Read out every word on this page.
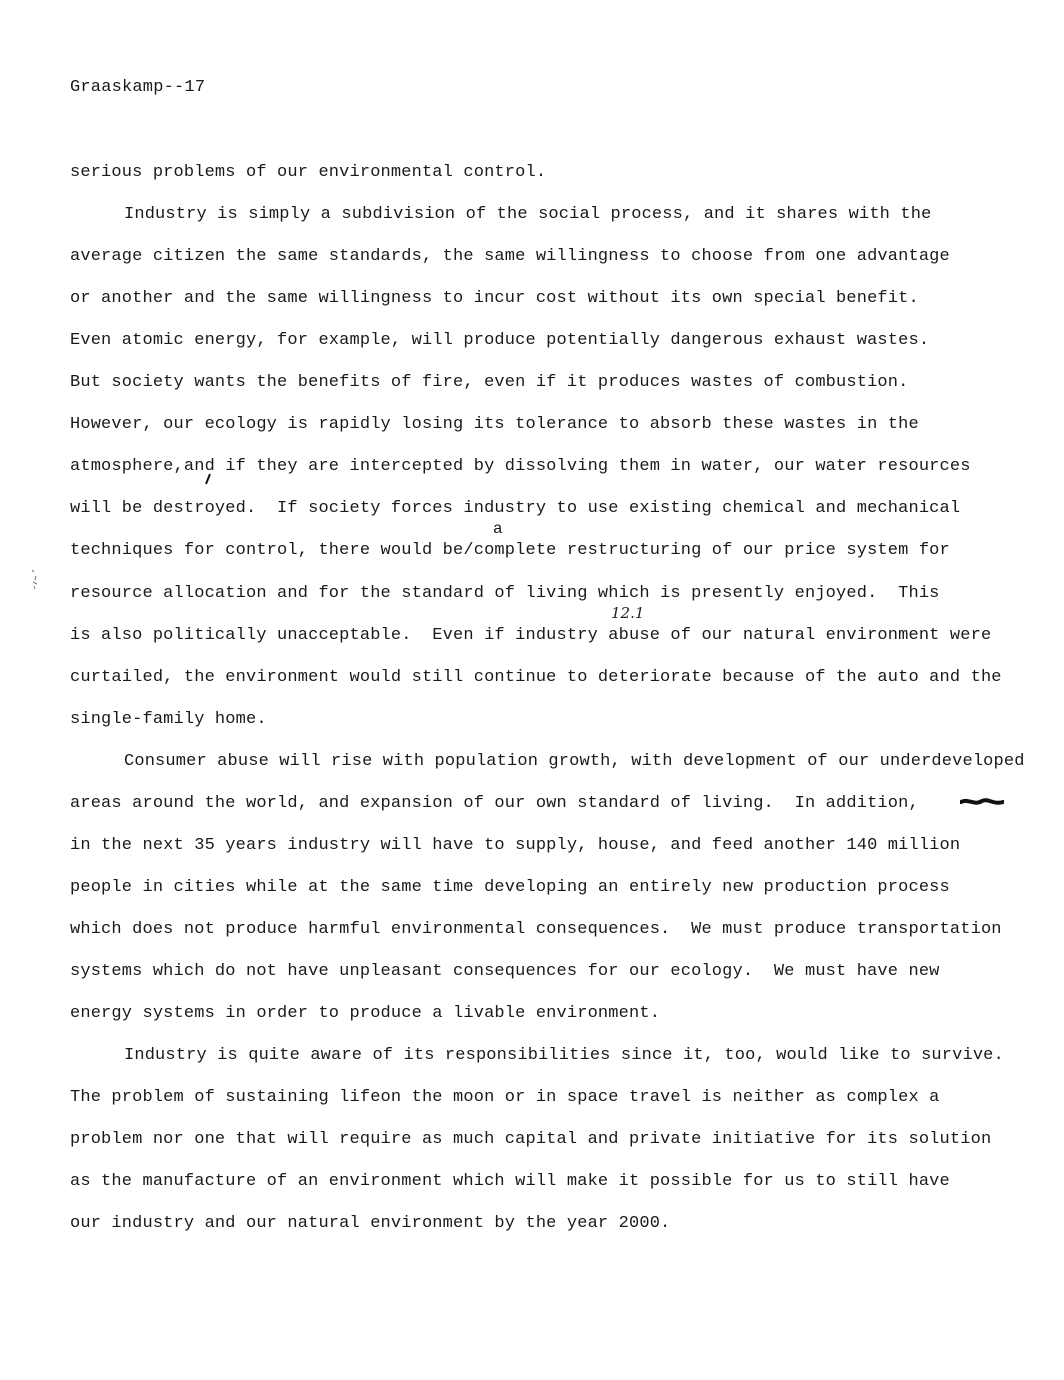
Graaskamp--17
serious problems of our environmental control.
Industry is simply a subdivision of the social process, and it shares with the
average citizen the same standards, the same willingness to choose from one advantage
or another and the same willingness to incur cost without its own special benefit.
Even atomic energy, for example, will produce potentially dangerous exhaust wastes.
But society wants the benefits of fire, even if it produces wastes of combustion.
However, our ecology is rapidly losing its tolerance to absorb these wastes in the
atmosphere,and if they are intercepted by dissolving them in water, our water resources
will be destroyed.  If society forces industry to use existing chemical and mechanical
techniques for control, there would be/complete restructuring of our price system for
resource allocation and for the standard of living which is presently enjoyed.  This
is also politically unacceptable.  Even if industry abuse of our natural environment were
curtailed, the environment would still continue to deteriorate because of the auto and the
single-family home.
Consumer abuse will rise with population growth, with development of our underdeveloped
areas around the world, and expansion of our own standard of living.  In addition,
in the next 35 years industry will have to supply, house, and feed another 140 million
people in cities while at the same time developing an entirely new production process
which does not produce harmful environmental consequences.  We must produce transportation
systems which do not have unpleasant consequences for our ecology.  We must have new
energy systems in order to produce a livable environment.
Industry is quite aware of its responsibilities since it, too, would like to survive.
The problem of sustaining lifeon the moon or in space travel is neither as complex a
problem nor one that will require as much capital and private initiative for its solution
as the manufacture of an environment which will make it possible for us to still have
our industry and our natural environment by the year 2000.
a
12.1
